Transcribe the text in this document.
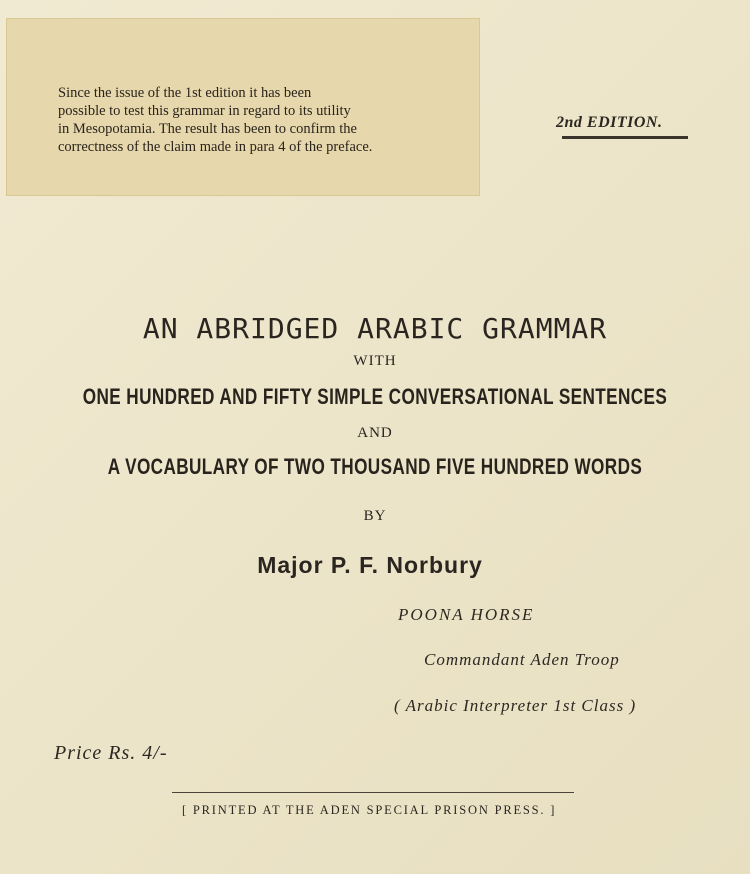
Since the issue of the 1st edition it has been
possible to test this grammar in regard to its utility
in Mesopotamia. The result has been to confirm the
correctness of the claim made in para 4 of the preface.
2nd EDITION.
AN ABRIDGED ARABIC GRAMMAR
WITH
ONE HUNDRED AND FIFTY SIMPLE CONVERSATIONAL SENTENCES
AND
A VOCABULARY OF TWO THOUSAND FIVE HUNDRED WORDS
BY
Major P. F. Norbury
POONA HORSE
Commandant Aden Troop
( Arabic Interpreter 1st Class )
Price Rs. 4/-
[ PRINTED AT THE ADEN SPECIAL PRISON PRESS. ]
